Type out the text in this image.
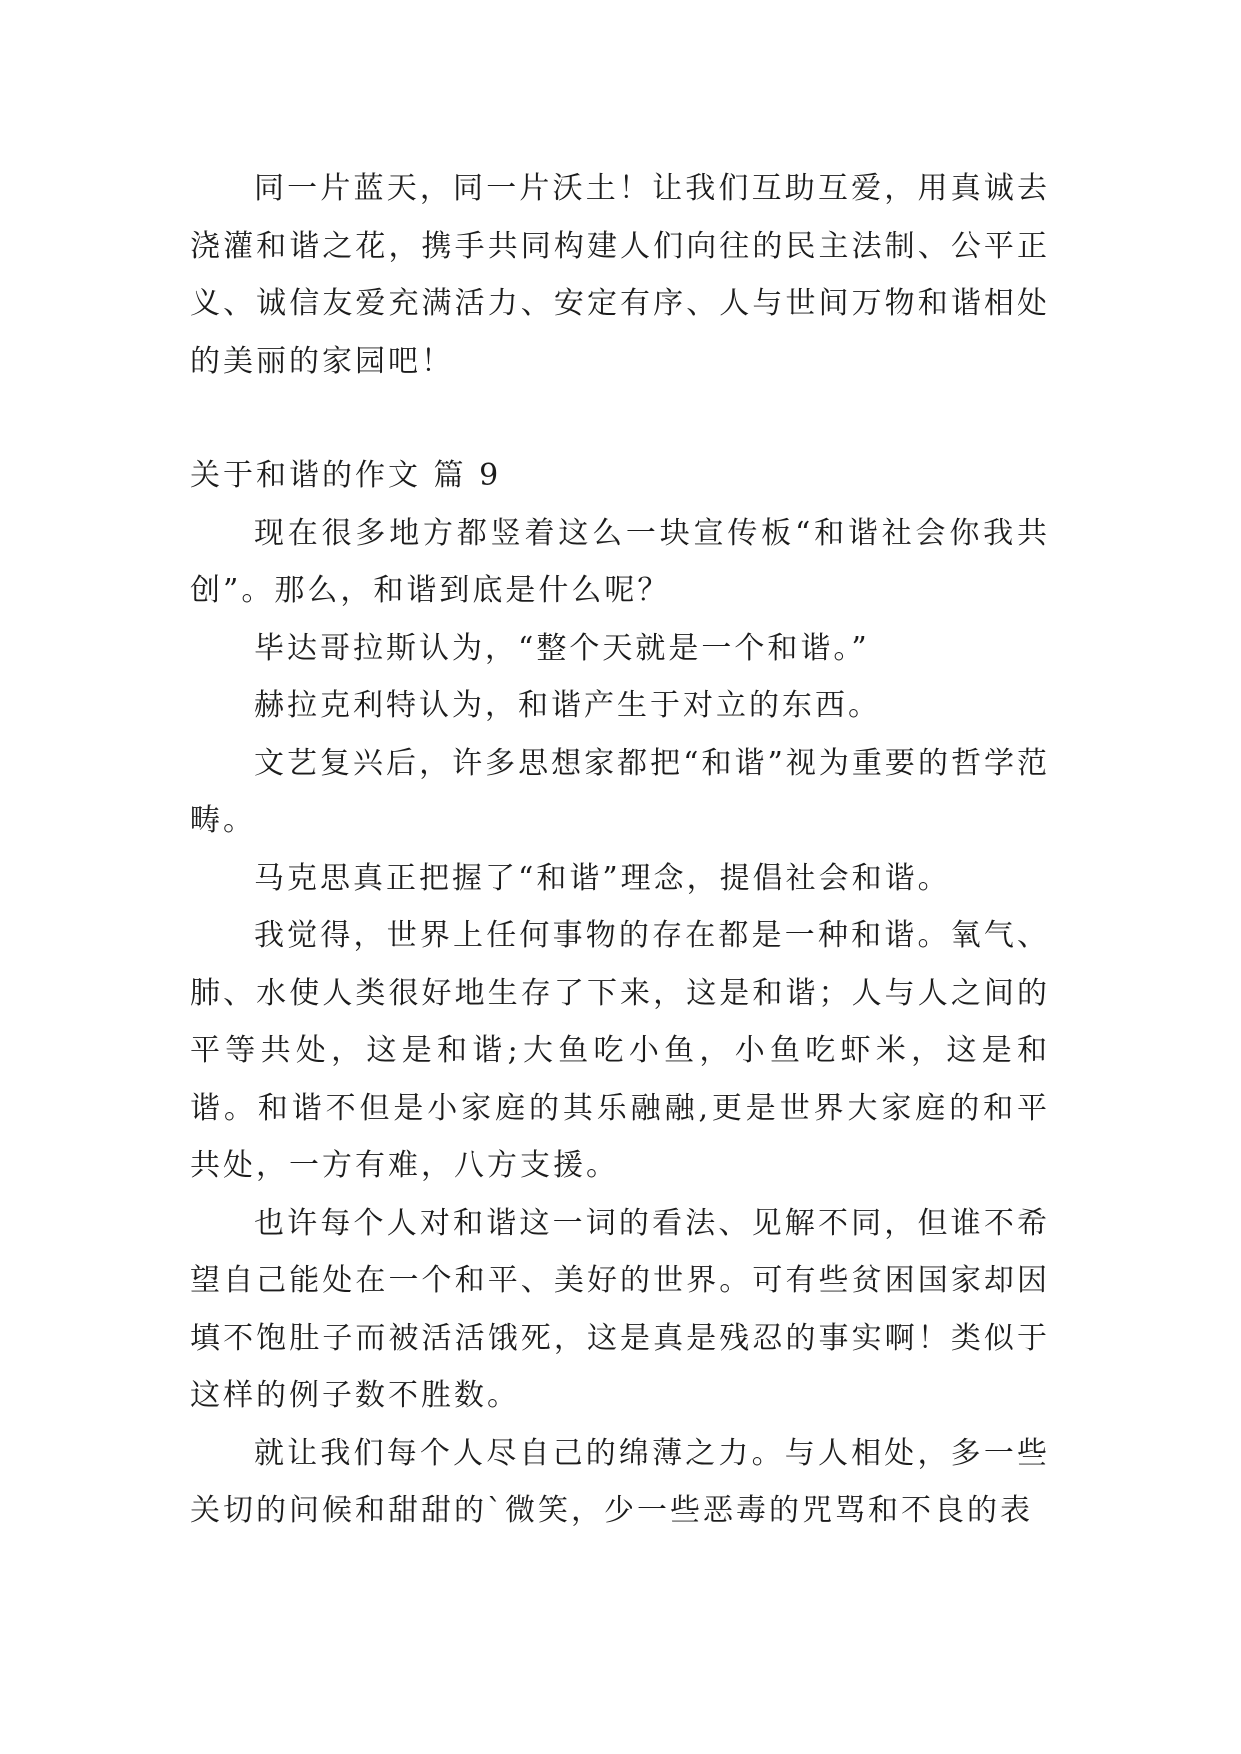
同一片蓝天，同一片沃土！让我们互助互爱，用真诚去浇灌和谐之花，携手共同构建人们向往的民主法制、公平正义、诚信友爱充满活力、安定有序、人与世间万物和谐相处的美丽的家园吧！

关于和谐的作文 篇 9

现在很多地方都竖着这么一块宣传板“和谐社会你我共创”。那么，和谐到底是什么呢？

毕达哥拉斯认为，“整个天就是一个和谐。”

赫拉克利特认为，和谐产生于对立的东西。

文艺复兴后，许多思想家都把“和谐”视为重要的哲学范畴。

马克思真正把握了“和谐”理念，提倡社会和谐。

我觉得，世界上任何事物的存在都是一种和谐。氧气、肺、水使人类很好地生存了下来，这是和谐；人与人之间的平等共处，这是和谐;大鱼吃小鱼，小鱼吃虾米，这是和谐。和谐不但是小家庭的其乐融融,更是世界大家庭的和平共处，一方有难，八方支援。

也许每个人对和谐这一词的看法、见解不同，但谁不希望自己能处在一个和平、美好的世界。可有些贫困国家却因填不饱肚子而被活活饿死，这是真是残忍的事实啊！类似于这样的例子数不胜数。

就让我们每个人尽自己的绵薄之力。与人相处，多一些关切的问候和甜甜的`微笑，少一些恶毒的咒骂和不良的表
